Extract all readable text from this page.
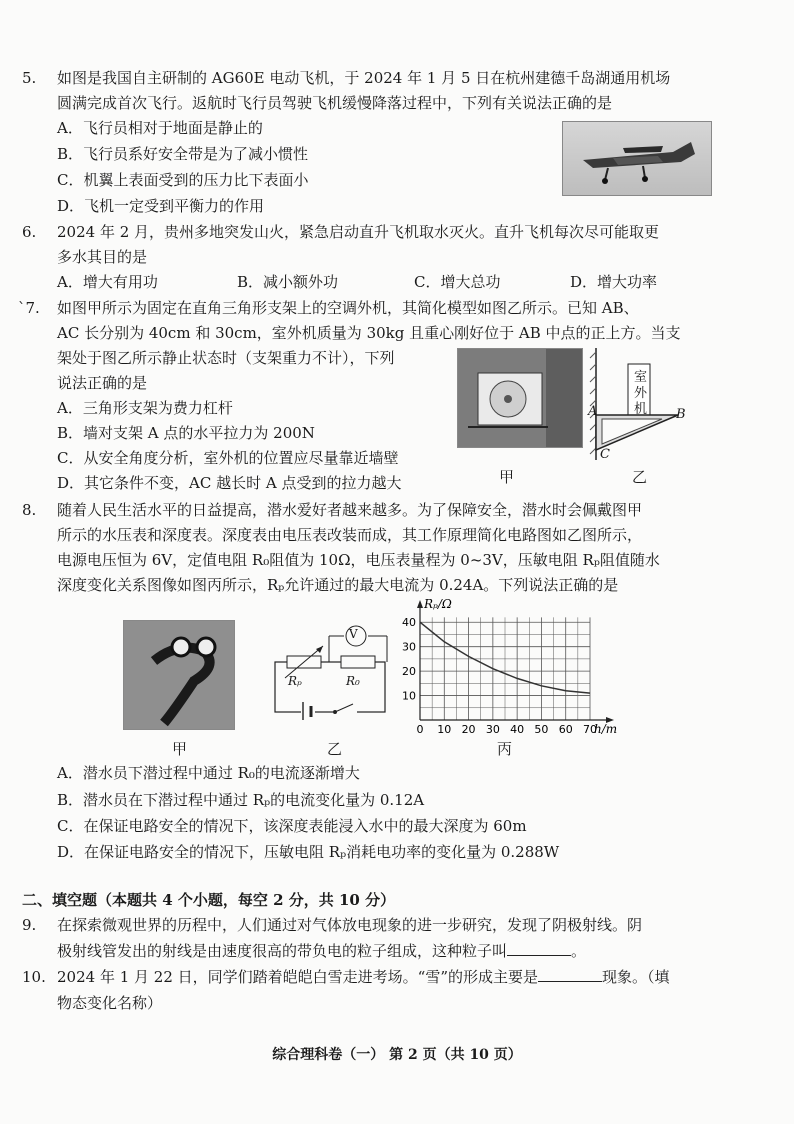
5. 如图是我国自主研制的 AG60E 电动飞机，于 2024 年 1 月 5 日在杭州建德千岛湖通用机场
圆满完成首次飞行。返航时飞行员驾驶飞机缓慢降落过程中，下列有关说法正确的是
A．飞行员相对于地面是静止的
B．飞行员系好安全带是为了减小惯性
C．机翼上表面受到的压力比下表面小
D．飞机一定受到平衡力的作用
6. 2024 年 2 月，贵州多地突发山火，紧急启动直升飞机取水灭火。直升飞机每次尽可能取更
多水其目的是
A．增大有用功	B．减小额外功	C．增大总功	D．增大功率
`7. 如图甲所示为固定在直角三角形支架上的空调外机，其简化模型如图乙所示。已知 AB、
AC 长分别为 40cm 和 30cm，室外机质量为 30kg 且重心刚好位于 AB 中点的正上方。当支
架处于图乙所示静止状态时（支架重力不计），下列
说法正确的是
A．三角形支架为费力杠杆
B．墙对支架 A 点的水平拉力为 200N
C．从安全角度分析，室外机的位置应尽量靠近墙壁
D．其它条件不变，AC 越长时 A 点受到的拉力越大	甲
室外机
A	B
C
乙
8. 随着人民生活水平的日益提高，潜水爱好者越来越多。为了保障安全，潜水时会佩戴图甲
所示的水压表和深度表。深度表由电压表改装而成，其工作原理简化电路图如乙图所示，
电源电压恒为 6V，定值电阻 R₀阻值为 10Ω，电压表量程为 0~3V，压敏电阻 Rₚ阻值随水
深度变化关系图像如图丙所示，Rₚ允许通过的最大电流为 0.24A。下列说法正确的是
甲
V
Rₚ	R₀
乙
0 10 20 30 40 50 60 70
10
20
30
40
Rₚ/Ω
h/m
丙
A．潜水员下潜过程中通过 R₀的电流逐渐增大
B．潜水员在下潜过程中通过 Rₚ的电流变化量为 0.12A
C．在保证电路安全的情况下，该深度表能浸入水中的最大深度为 60m
D．在保证电路安全的情况下，压敏电阻 Rₚ消耗电功率的变化量为 0.288W
二、填空题（本题共 4 个小题，每空 2 分，共 10 分）
9. 在探索微观世界的历程中，人们通过对气体放电现象的进一步研究，发现了阴极射线。阴
极射线管发出的射线是由速度很高的带负电的粒子组成，这种粒子叫	。
10. 2024 年 1 月 22 日，同学们踏着皑皑白雪走进考场。“雪”的形成主要是	现象。（填
物态变化名称）
综合理科卷（一） 第 2 页（共 10 页）
